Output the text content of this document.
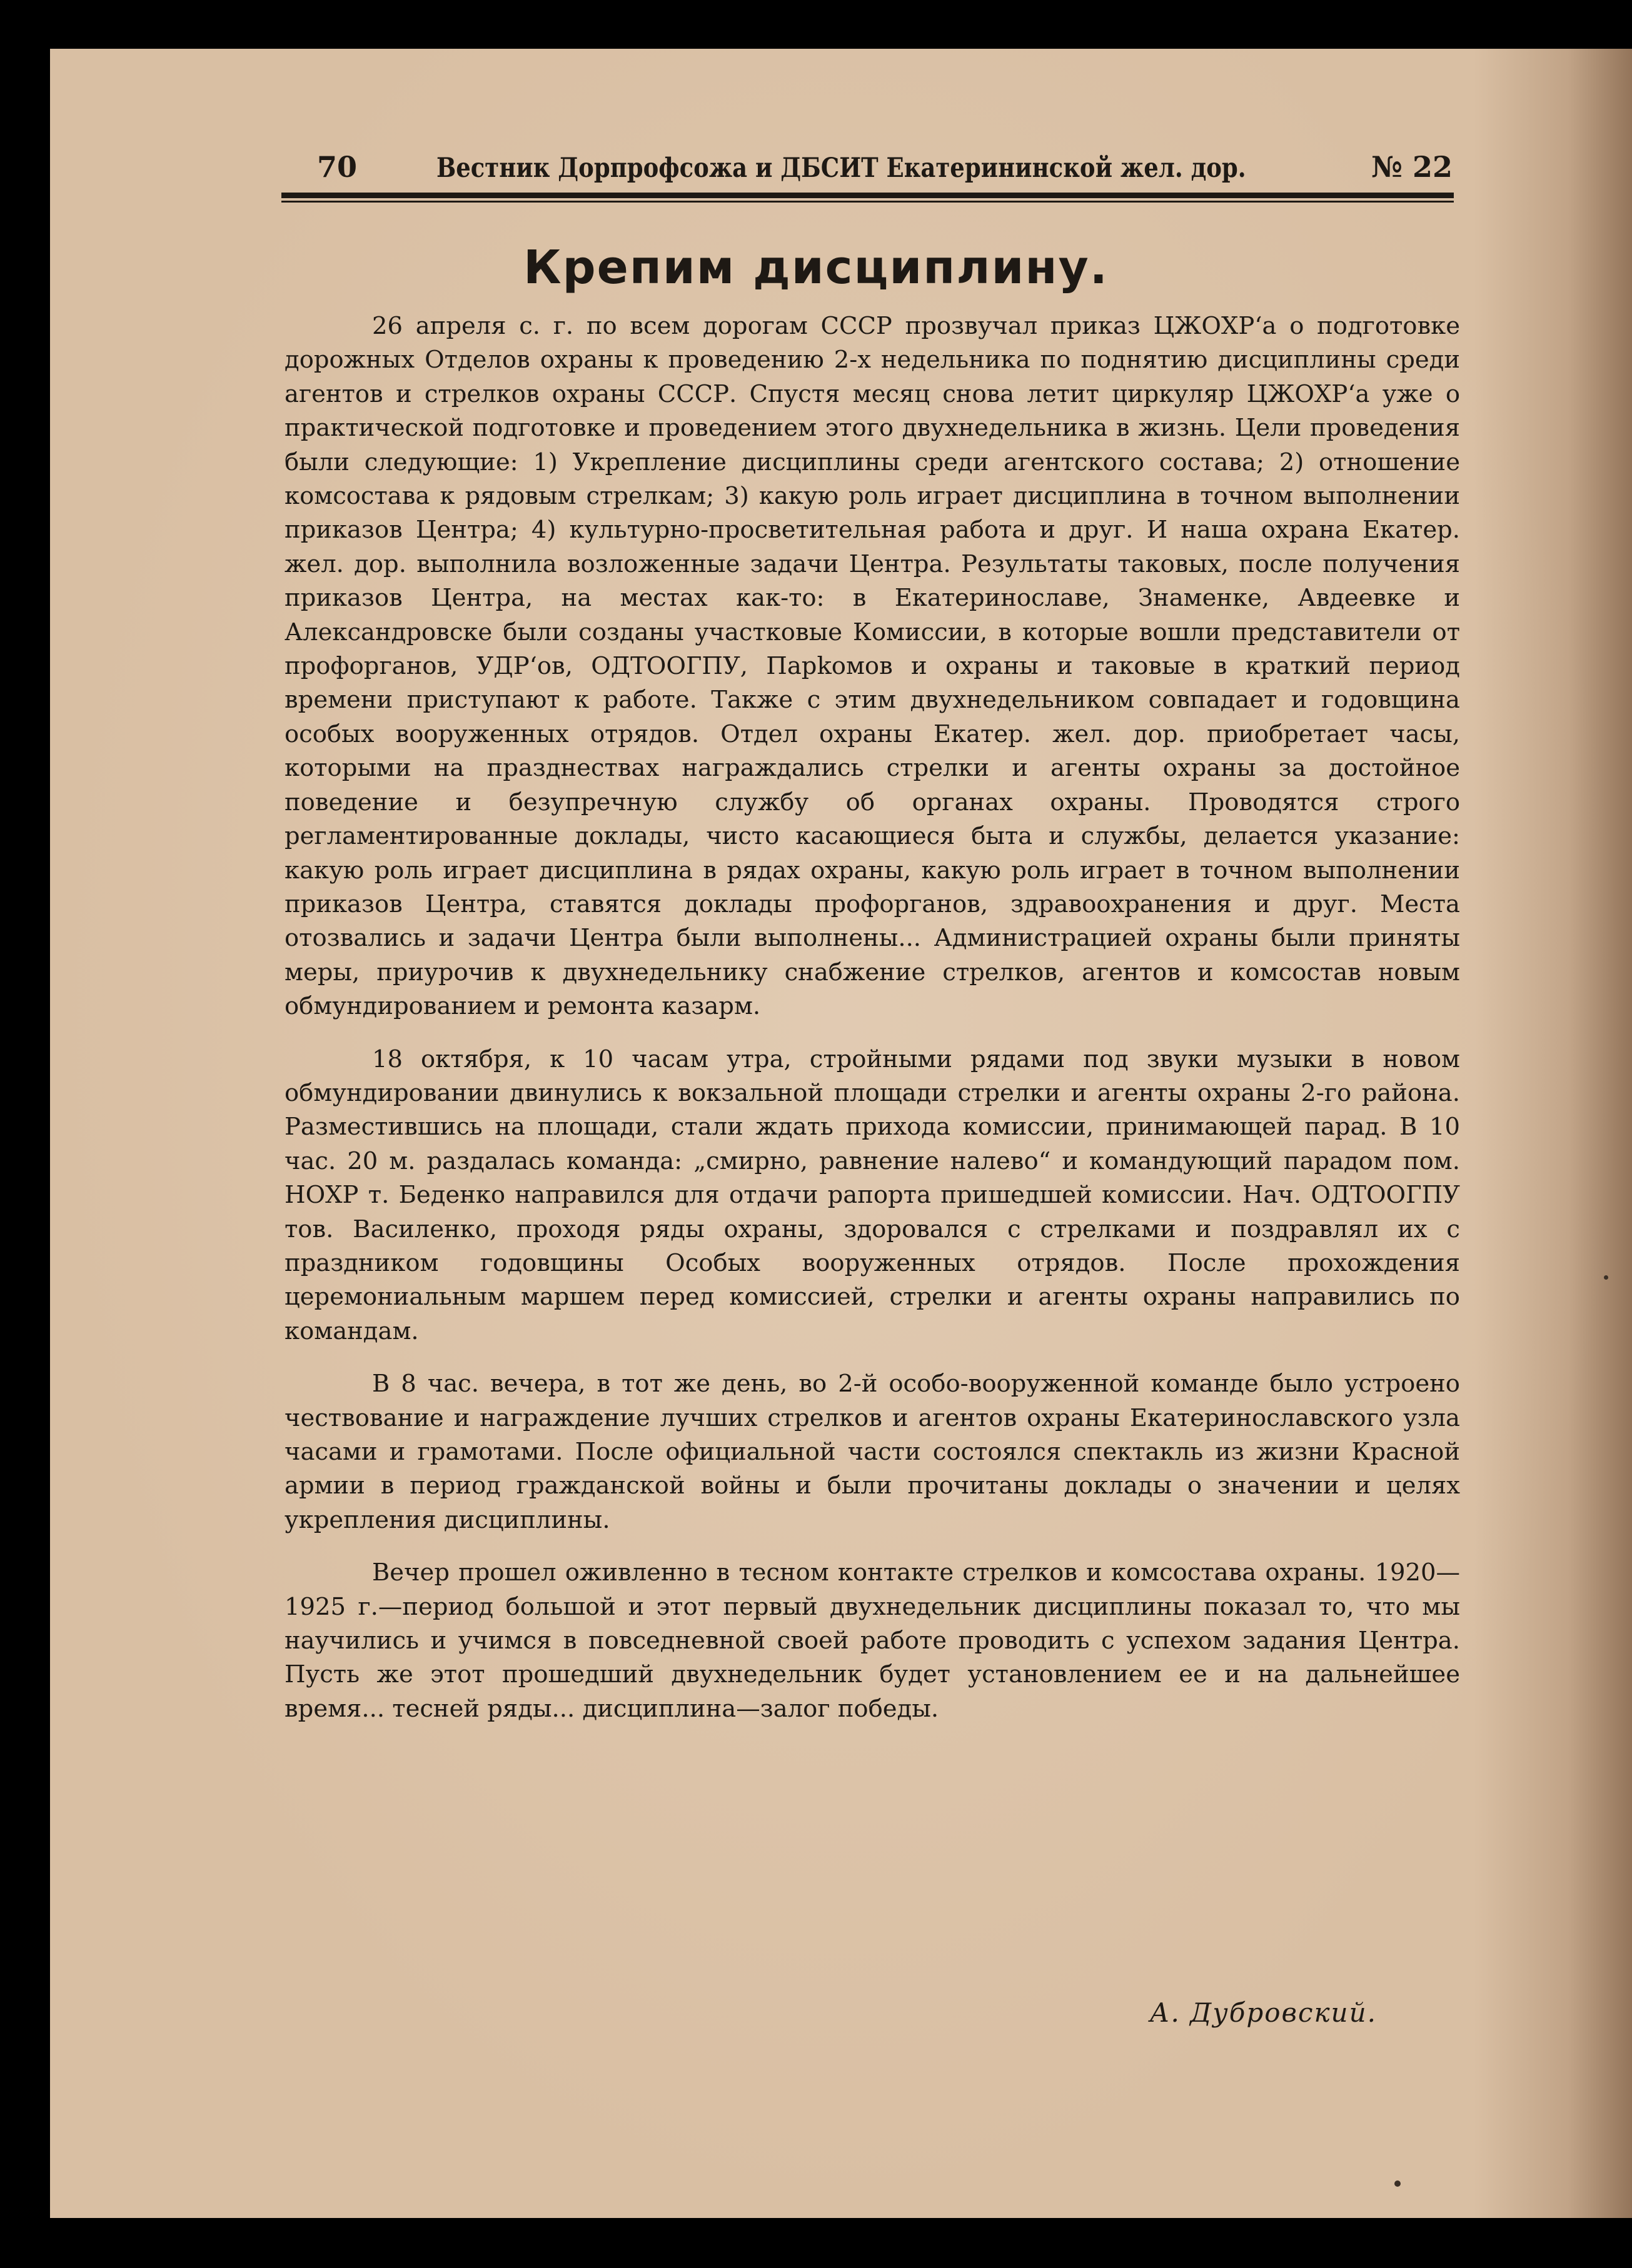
70	Вестник Дорпрофсожа и ДБСИТ Екатерининской жел. дор.	№ 22
Крепим дисциплину.

26 апреля с. г. по всем дорогам СССР прозвучал приказ ЦЖОХР‘а о подготовке дорожных Отделов охраны к проведению 2-х недельника по поднятию дисциплины среди агентов и стрелков охраны СССР. Спустя месяц снова летит циркуляр ЦЖОХР‘а уже о практической подготовке и проведением этого двухнедельника в жизнь. Цели проведения были следующие: 1) Укрепление дисциплины среди агентского состава; 2) отношение комсостава к рядовым стрелкам; 3) какую роль играет дисциплина в точном выполнении приказов Центра; 4) культурно-просветительная работа и друг. И наша охрана Екатер. жел. дор. выполнила возложенные задачи Центра. Результаты таковых, после получения приказов Центра, на местах как-то: в Екатеринославе, Знаменке, Авдеевке и Александровске были созданы участковые Комиссии, в которые вошли представители от профорганов, УДР‘ов, ОДТООГПУ, Парkомов и охраны и таковые в краткий период времени приступают к работе. Также с этим двухнедельником совпадает и годовщина особых вооруженных отрядов. Отдел охраны Екатер. жел. дор. приобретает часы, которыми на празднествах награждались стрелки и агенты охраны за достойное поведение и безупречную службу об органах охраны. Проводятся строго регламентированные доклады, чисто касающиеся быта и службы, делается указание: какую роль играет дисциплина в рядах охраны, какую роль играет в точном выполнении приказов Центра, ставятся доклады профорганов, здравоохранения и друг. Места отозвались и задачи Центра были выполнены... Администрацией охраны были приняты меры, приурочив к двухнедельнику снабжение стрелков, агентов и комсостав новым обмундированием и ремонта казарм.

18 октября, к 10 часам утра, стройными рядами под звуки музыки в новом обмундировании двинулись к вокзальной площади стрелки и агенты охраны 2-го района. Разместившись на площади, стали ждать прихода комиссии, принимающей парад. В 10 час. 20 м. раздалась команда: „смирно, равнение налево“ и командующий парадом пом. НОХР т. Беденко направился для отдачи рапорта пришедшей комиссии. Нач. ОДТООГПУ тов. Василенко, проходя ряды охраны, здоровался с стрелками и поздравлял их с праздником годовщины Особых вооруженных отрядов. После прохождения церемониальным маршем перед комиссией, стрелки и агенты охраны направились по командам.

В 8 час. вечера, в тот же день, во 2-й особо-вооруженной команде было устроено чествование и награждение лучших стрелков и агентов охраны Екатеринославского узла часами и грамотами. После официальной части состоялся спектакль из жизни Красной армии в период гражданской войны и были прочитаны доклады о значении и целях укрепления дисциплины.

Вечер прошел оживленно в тесном контакте стрелков и комсостава охраны. 1920—1925 г.—период большой и этот первый двухнедельник дисциплины показал то, что мы научились и учимся в повседневной своей работе проводить с успехом задания Центра. Пусть же этот прошедший двухнедельник будет установлением ее и на дальнейшее время... тесней ряды... дисциплина—залог победы.

А. Дубровский.
